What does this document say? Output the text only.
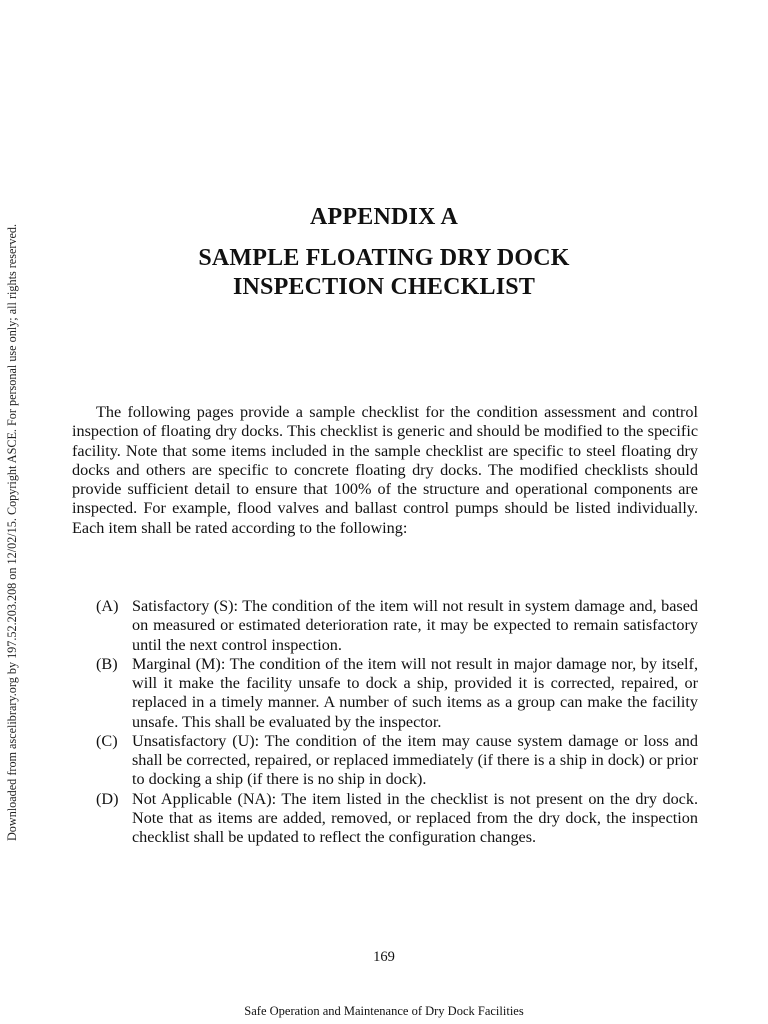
Downloaded from ascelibrary.org by 197.52.203.208 on 12/02/15. Copyright ASCE. For personal use only; all rights reserved.
APPENDIX A
SAMPLE FLOATING DRY DOCK
INSPECTION CHECKLIST

The following pages provide a sample checklist for the condition assessment and control inspection of floating dry docks. This checklist is generic and should be modified to the specific facility. Note that some items included in the sample checklist are specific to steel floating dry docks and others are specific to concrete floating dry docks. The modified checklists should provide sufficient detail to ensure that 100% of the structure and operational components are inspected. For example, flood valves and ballast control pumps should be listed individually. Each item shall be rated according to the following:

(A) Satisfactory (S): The condition of the item will not result in system damage and, based on measured or estimated deterioration rate, it may be expected to remain satisfactory until the next control inspection.
(B) Marginal (M): The condition of the item will not result in major damage nor, by itself, will it make the facility unsafe to dock a ship, provided it is corrected, repaired, or replaced in a timely manner. A number of such items as a group can make the facility unsafe. This shall be evaluated by the inspector.
(C) Unsatisfactory (U): The condition of the item may cause system damage or loss and shall be corrected, repaired, or replaced immediately (if there is a ship in dock) or prior to docking a ship (if there is no ship in dock).
(D) Not Applicable (NA): The item listed in the checklist is not present on the dry dock. Note that as items are added, removed, or replaced from the dry dock, the inspection checklist shall be updated to reflect the configuration changes.
169
Safe Operation and Maintenance of Dry Dock Facilities
